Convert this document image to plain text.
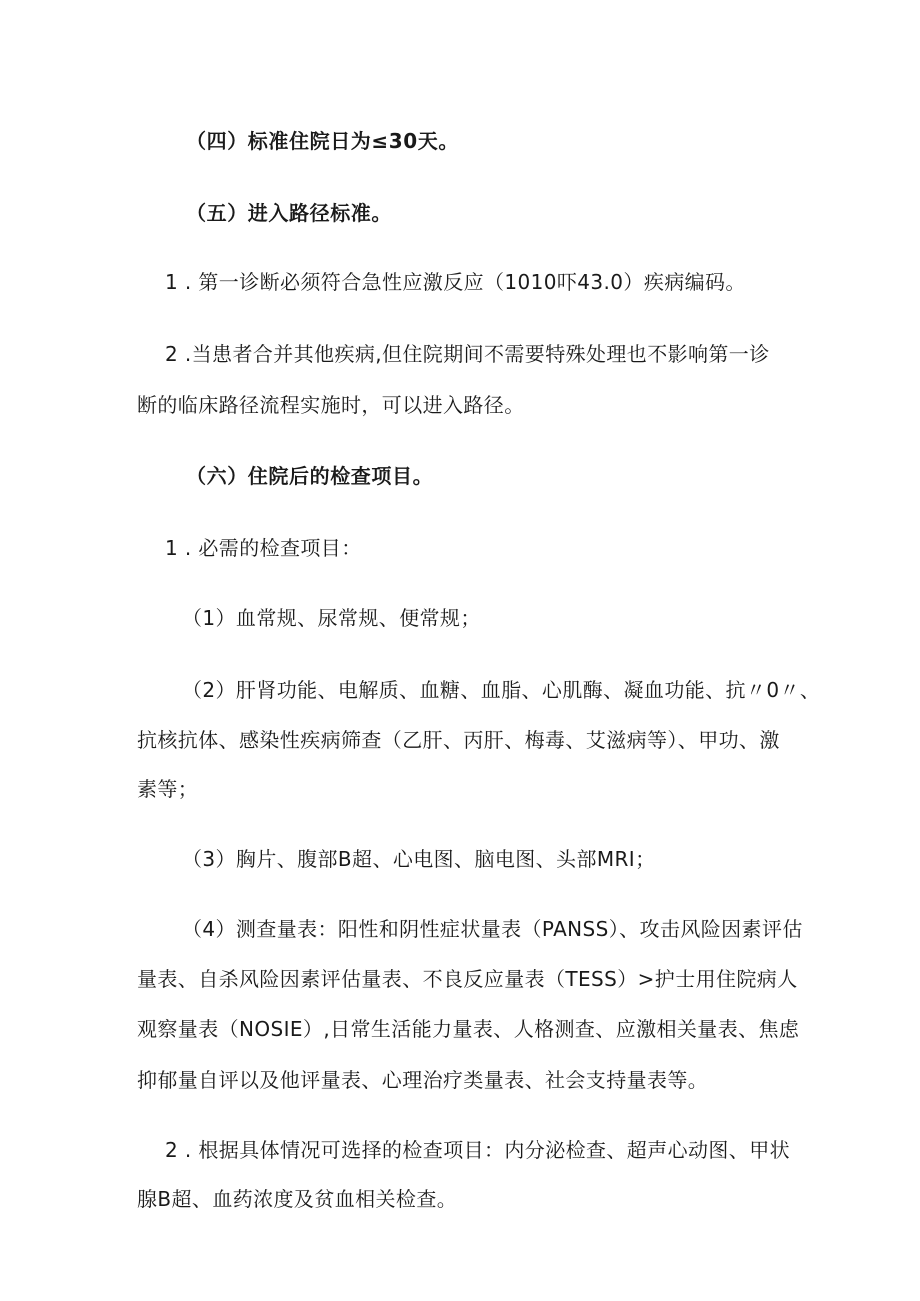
（四）标准住院日为≤30天。
（五）进入路径标准。
1 . 第一诊断必须符合急性应激反应（1010吓43.0）疾病编码。
2 .当患者合并其他疾病,但住院期间不需要特殊处理也不影响第一诊
断的临床路径流程实施时，可以进入路径。
（六）住院后的检查项目。
1 . 必需的检查项目：
（1）血常规、尿常规、便常规；
（2）肝肾功能、电解质、血糖、血脂、心肌酶、凝血功能、抗〃0〃、
抗核抗体、感染性疾病筛查（乙肝、丙肝、梅毒、艾滋病等）、甲功、激
素等；
（3）胸片、腹部B超、心电图、脑电图、头部MRI；
（4）测查量表：阳性和阴性症状量表（PANSS）、攻击风险因素评估
量表、自杀风险因素评估量表、不良反应量表（TESS）>护士用住院病人
观察量表（NOSIE）,日常生活能力量表、人格测查、应激相关量表、焦虑
抑郁量自评以及他评量表、心理治疗类量表、社会支持量表等。
2 . 根据具体情况可选择的检查项目：内分泌检查、超声心动图、甲状
腺B超、血药浓度及贫血相关检查。
